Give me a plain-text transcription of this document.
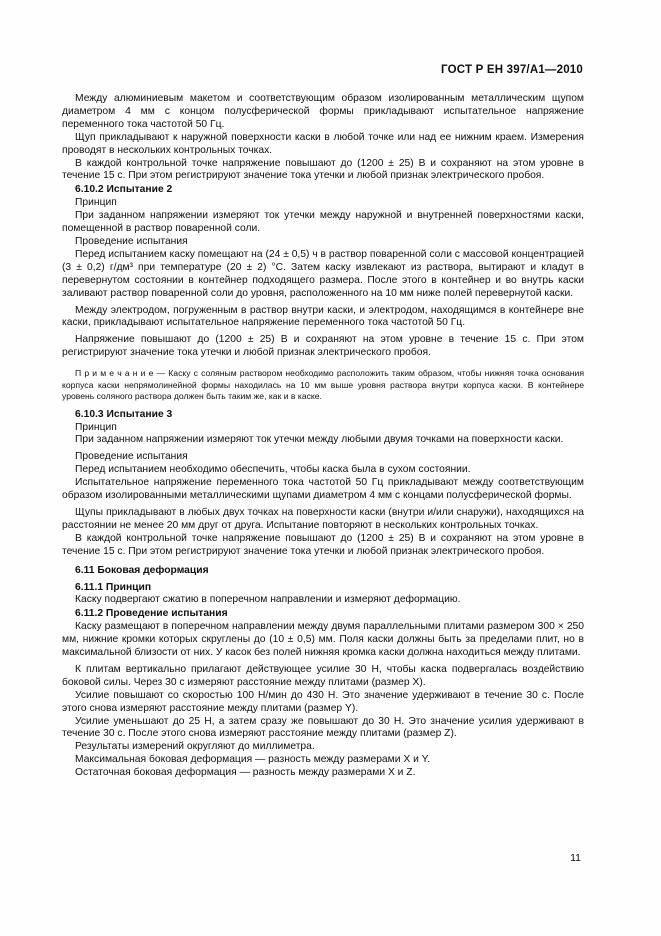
ГОСТ Р ЕН 397/А1—2010

Между алюминиевым макетом и соответствующим образом изолированным металлическим щупом диаметром 4 мм с концом полусферической формы прикладывают испытательное напряжение переменного тока частотой 50 Гц.

Щуп прикладывают к наружной поверхности каски в любой точке или над ее нижним краем. Измерения проводят в нескольких контрольных точках.

В каждой контрольной точке напряжение повышают до (1200 ± 25) В и сохраняют на этом уровне в течение 15 с. При этом регистрируют значение тока утечки и любой признак электрического пробоя.

6.10.2 Испытание 2

Принцип

При заданном напряжении измеряют ток утечки между наружной и внутренней поверхностями каски, помещенной в раствор поваренной соли.

Проведение испытания

Перед испытанием каску помещают на (24 ± 0,5) ч в раствор поваренной соли с массовой концентрацией (3 ± 0,2) г/дм³ при температуре (20 ± 2) °С. Затем каску извлекают из раствора, вытирают и кладут в перевернутом состоянии в контейнер подходящего размера. После этого в контейнер и во внутрь каски заливают раствор поваренной соли до уровня, расположенного на 10 мм ниже полей перевернутой каски.

Между электродом, погруженным в раствор внутри каски, и электродом, находящимся в контейнере вне каски, прикладывают испытательное напряжение переменного тока частотой 50 Гц.

Напряжение повышают до (1200 ± 25) В и сохраняют на этом уровне в течение 15 с. При этом регистрируют значение тока утечки и любой признак электрического пробоя.

П р и м е ч а н и е — Каску с соляным раствором необходимо расположить таким образом, чтобы нижняя точка основания корпуса каски непрямолинейной формы находилась на 10 мм выше уровня раствора внутри корпуса каски. В контейнере уровень соляного раствора должен быть таким же, как и в каске.

6.10.3 Испытание 3

Принцип

При заданном напряжении измеряют ток утечки между любыми двумя точками на поверхности каски.

Проведение испытания

Перед испытанием необходимо обеспечить, чтобы каска была в сухом состоянии.

Испытательное напряжение переменного тока частотой 50 Гц прикладывают между соответствующим образом изолированными металлическими щупами диаметром 4 мм с концами полусферической формы.

Щупы прикладывают в любых двух точках на поверхности каски (внутри и/или снаружи), находящихся на расстоянии не менее 20 мм друг от друга. Испытание повторяют в нескольких контрольных точках.

В каждой контрольной точке напряжение повышают до (1200 ± 25) В и сохраняют на этом уровне в течение 15 с. При этом регистрируют значение тока утечки и любой признак электрического пробоя.

6.11 Боковая деформация

6.11.1 Принцип

Каску подвергают сжатию в поперечном направлении и измеряют деформацию.

6.11.2 Проведение испытания

Каску размещают в поперечном направлении между двумя параллельными плитами размером 300 × 250 мм, нижние кромки которых скруглены до (10 ± 0,5) мм. Поля каски должны быть за пределами плит, но в максимальной близости от них. У касок без полей нижняя кромка каски должна находиться между плитами.

К плитам вертикально прилагают действующее усилие 30 Н, чтобы каска подвергалась воздействию боковой силы. Через 30 с измеряют расстояние между плитами (размер X).

Усилие повышают со скоростью 100 Н/мин до 430 Н. Это значение удерживают в течение 30 с. После этого снова измеряют расстояние между плитами (размер Y).

Усилие уменьшают до 25 Н, а затем сразу же повышают до 30 Н. Это значение усилия удерживают в течение 30 с. После этого снова измеряют расстояние между плитами (размер Z).

Результаты измерений округляют до миллиметра.

Максимальная боковая деформация — разность между размерами X и Y.

Остаточная боковая деформация — разность между размерами X и Z.

11
